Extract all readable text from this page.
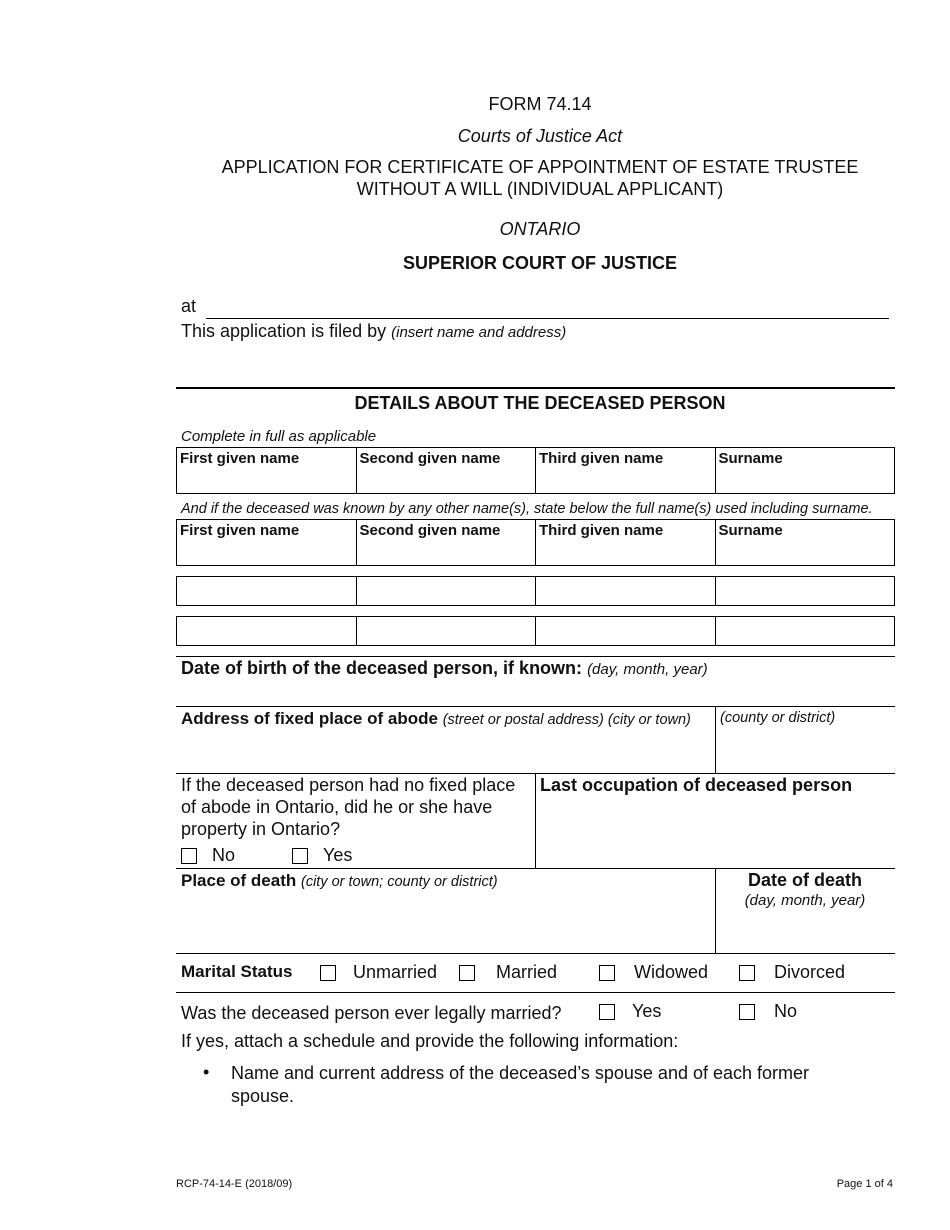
FORM 74.14
Courts of Justice Act
APPLICATION FOR CERTIFICATE OF APPOINTMENT OF ESTATE TRUSTEE
WITHOUT A WILL (INDIVIDUAL APPLICANT)
ONTARIO
SUPERIOR COURT OF JUSTICE
at
This application is filed by (insert name and address)
DETAILS ABOUT THE DECEASED PERSON
Complete in full as applicable
First given name	Second given name	Third given name	Surname
And if the deceased was known by any other name(s), state below the full name(s) used including surname.
First given name	Second given name	Third given name	Surname

Date of birth of the deceased person, if known: (day, month, year)
Address of fixed place of abode (street or postal address) (city or town) (county or district)
If the deceased person had no fixed place
of abode in Ontario, did he or she have
property in Ontario?
No	Yes
Last occupation of deceased person
Place of death (city or town; county or district)	Date of death
(day, month, year)
Marital Status	Unmarried	Married	Widowed	Divorced
Was the deceased person ever legally married?	Yes	No
If yes, attach a schedule and provide the following information:
• Name and current address of the deceased’s spouse and of each former
spouse.
RCP-74-14-E (2018/09)	Page 1 of 4
